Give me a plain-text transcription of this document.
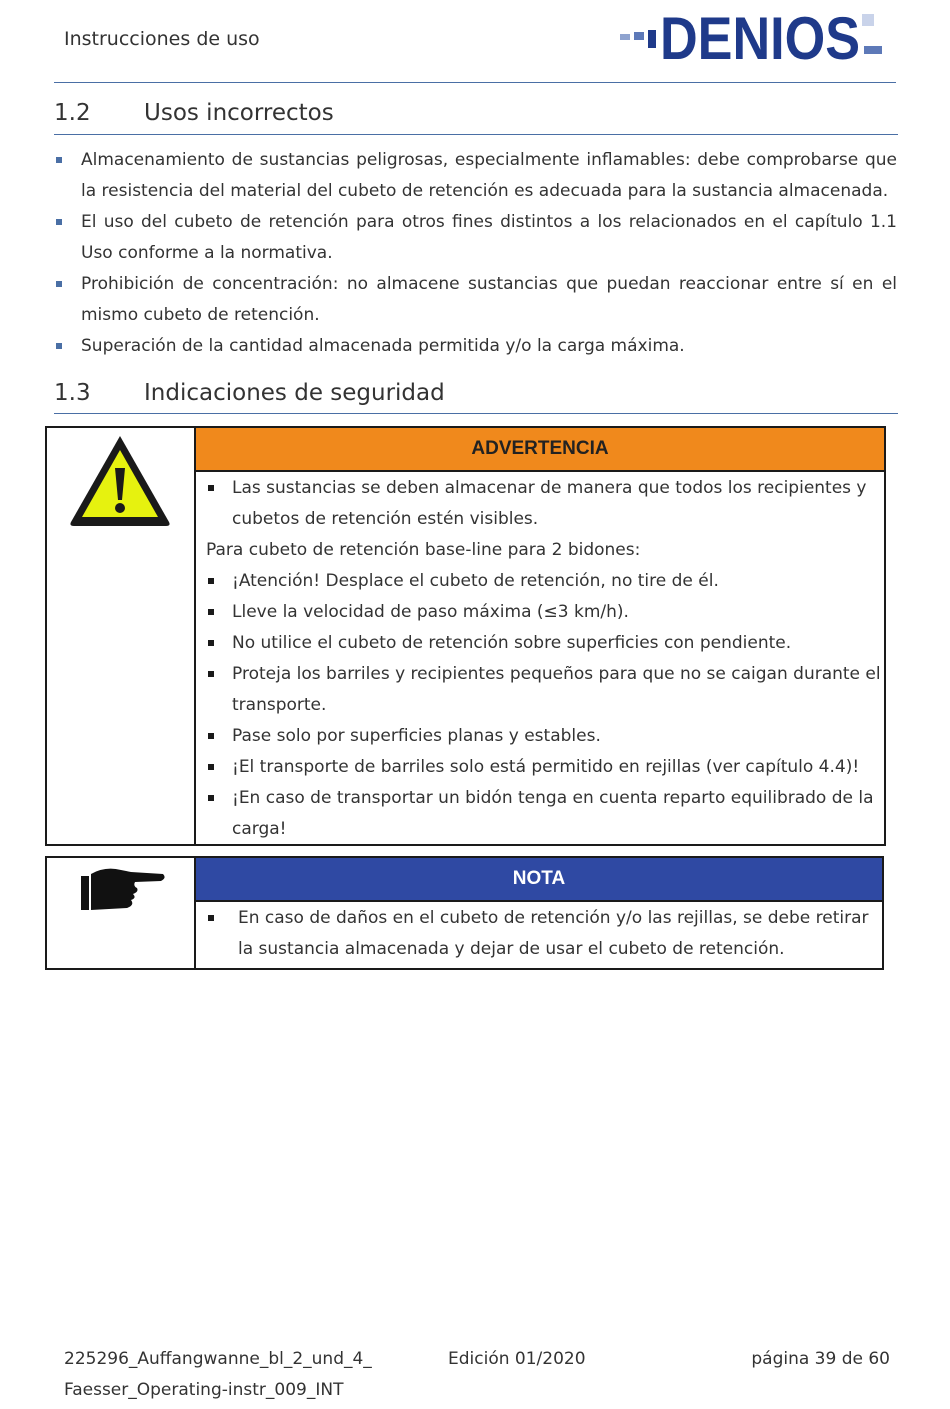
Instrucciones de uso	DENIOS
1.2 Usos incorrectos
Almacenamiento de sustancias peligrosas, especialmente inflamables: debe comprobarse que la resistencia del material del cubeto de retención es adecuada para la sustancia almacenada.
El uso del cubeto de retención para otros fines distintos a los relacionados en el capítulo 1.1 Uso conforme a la normativa.
Prohibición de concentración: no almacene sustancias que puedan reaccionar entre sí en el mismo cubeto de retención.
Superación de la cantidad almacenada permitida y/o la carga máxima.
1.3 Indicaciones de seguridad
ADVERTENCIA
Las sustancias se deben almacenar de manera que todos los recipientes y cubetos de retención estén visibles.
Para cubeto de retención base-line para 2 bidones:
¡Atención! Desplace el cubeto de retención, no tire de él.
Lleve la velocidad de paso máxima (≤3 km/h).
No utilice el cubeto de retención sobre superficies con pendiente.
Proteja los barriles y recipientes pequeños para que no se caigan durante el transporte.
Pase solo por superficies planas y estables.
¡El transporte de barriles solo está permitido en rejillas (ver capítulo 4.4)!
¡En caso de transportar un bidón tenga en cuenta reparto equilibrado de la carga!
NOTA
En caso de daños en el cubeto de retención y/o las rejillas, se debe retirar la sustancia almacenada y dejar de usar el cubeto de retención.
225296_Auffangwanne_bl_2_und_4_
Faesser_Operating-instr_009_INT
Edición 01/2020	página 39 de 60
